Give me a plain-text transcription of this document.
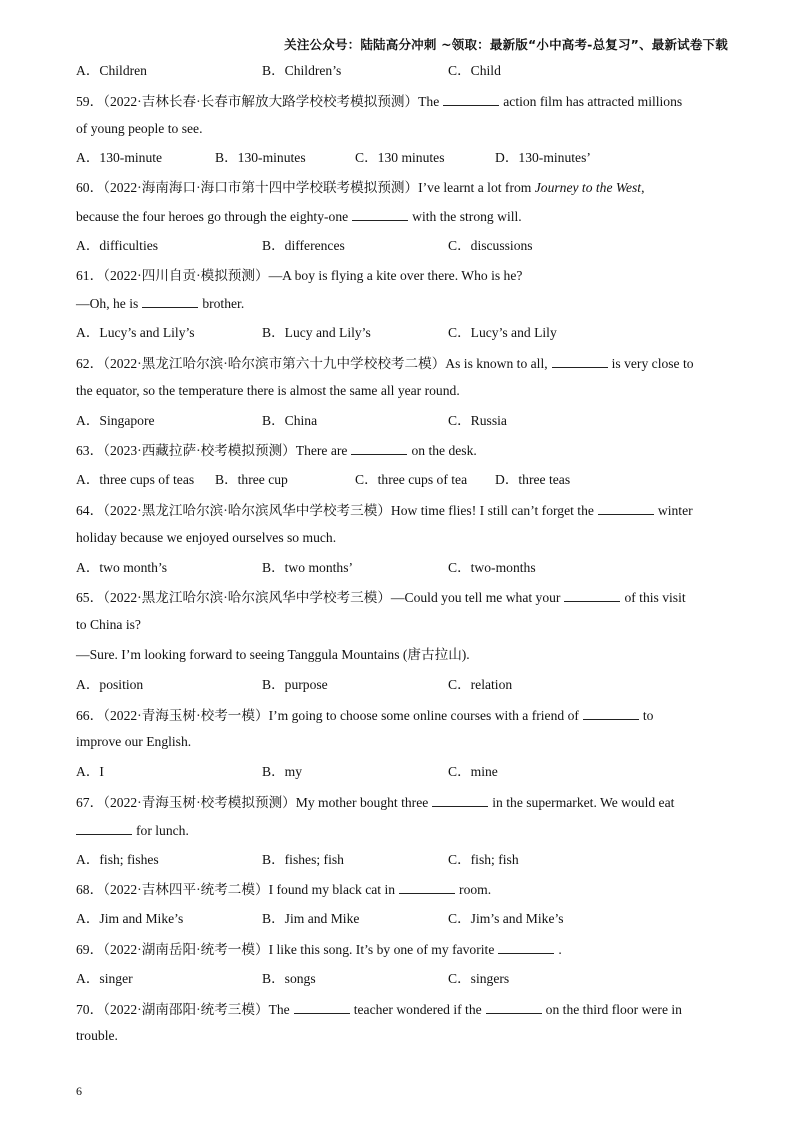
关注公众号：陆陆高分冲刺 ~领取：最新版“小中高考-总复习”、最新试卷下载
A．Children	B．Children’s	C．Child
59．（2022·吉林长春·长春市解放大路学校校考模拟预测）The	action film has attracted millions
of young people to see.
A．130-minute	B．130-minutes	C．130 minutes	D．130-minutes’
60．（2022·海南海口·海口市第十四中学校联考模拟预测）I’ve learnt a lot from Journey to the West,
because the four heroes go through the eighty-one	with the strong will.
A．difficulties	B．differences	C．discussions
61．（2022·四川自贡·模拟预测）—A boy is flying a kite over there. Who is he?
—Oh, he is	brother.
A．Lucy’s and Lily’s	B．Lucy and Lily’s	C．Lucy’s and Lily
62．（2022·黑龙江哈尔滨·哈尔滨市第六十九中学校校考二模）As is known to all,	is very close to
the equator, so the temperature there is almost the same all year round.
A．Singapore	B．China	C．Russia
63．（2023·西藏拉萨·校考模拟预测）There are	on the desk.
A．three cups of teas B．three cup	C．three cups of tea D．three teas
64．（2022·黑龙江哈尔滨·哈尔滨风华中学校考三模）How time flies! I still can’t forget the	winter
holiday because we enjoyed ourselves so much.
A．two month’s	B．two months’	C．two-months
65．（2022·黑龙江哈尔滨·哈尔滨风华中学校考三模）—Could you tell me what your	of this visit
to China is?
—Sure. I’m looking forward to seeing Tanggula Mountains (唐古拉山).
A．position	B．purpose	C．relation
66．（2022·青海玉树·校考一模）I’m going to choose some online courses with a friend of	to
improve our English.
A．I	B．my	C．mine
67．（2022·青海玉树·校考模拟预测）My mother bought three	in the supermarket. We would eat
for lunch.
A．fish; fishes	B．fishes; fish	C．fish; fish
68．（2022·吉林四平·统考二模）I found my black cat in	room.
A．Jim and Mike’s	B．Jim and Mike	C．Jim’s and Mike’s
69．（2022·湖南岳阳·统考一模）I like this song. It’s by one of my favorite	.
A．singer	B．songs	C．singers
70．（2022·湖南邵阳·统考三模）The	teacher wondered if the	on the third floor were in
trouble.
6
